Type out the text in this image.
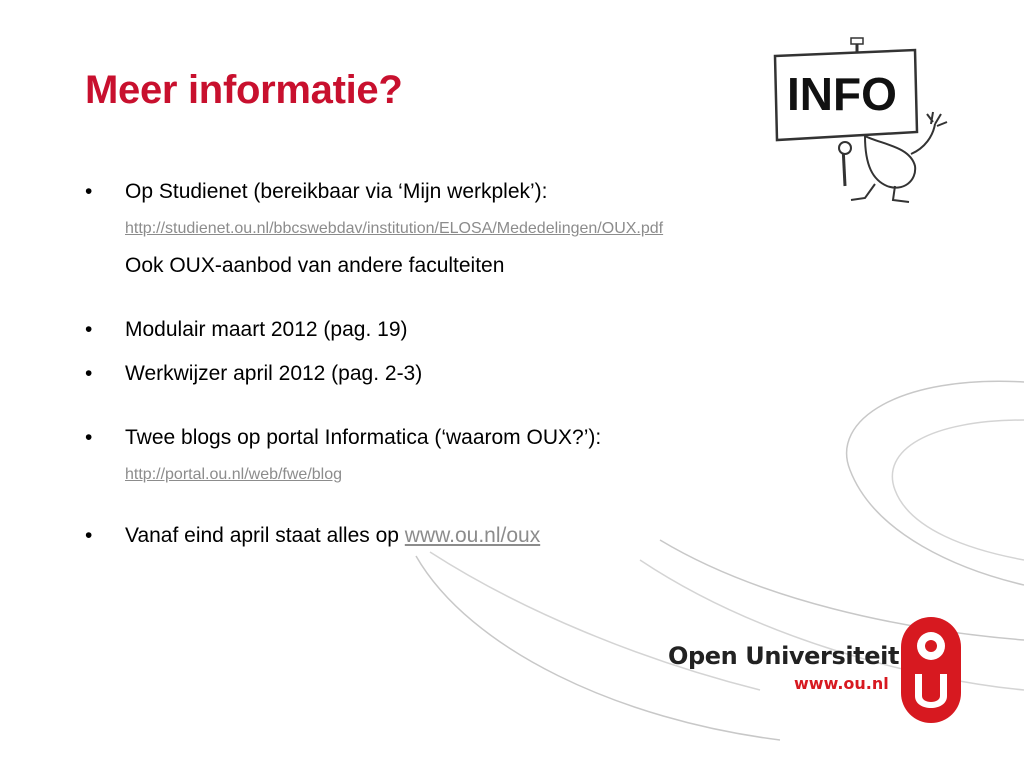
Meer informatie?
• Op Studienet (bereikbaar via ‘Mijn werkplek’):
http://studienet.ou.nl/bbcswebdav/institution/ELOSA/Mededelingen/OUX.pdf
Ook OUX-aanbod van andere faculteiten
• Modulair maart 2012 (pag. 19)
• Werkwijzer april 2012 (pag. 2-3)
• Twee blogs op portal Informatica (‘waarom OUX?’):
http://portal.ou.nl/web/fwe/blog
• Vanaf eind april staat alles op www.ou.nl/oux
INFO
Open Universiteit
www.ou.nl
